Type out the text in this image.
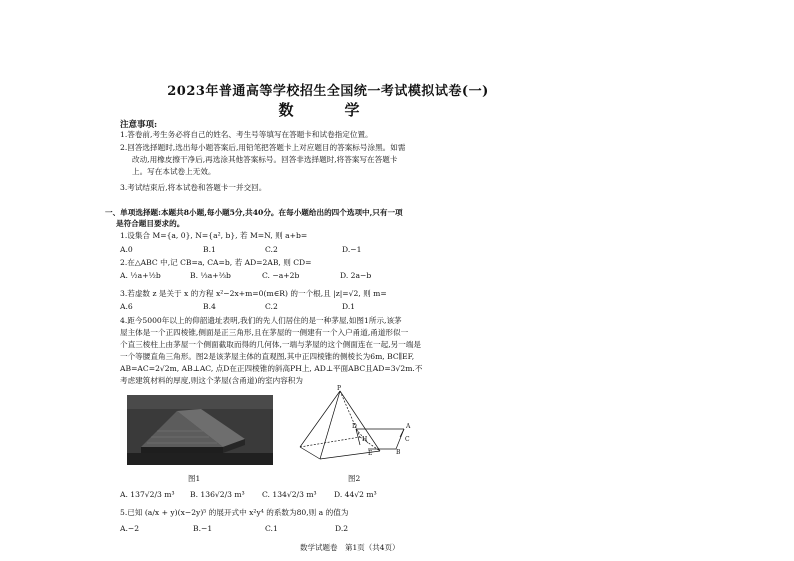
2023年普通高等学校招生全国统一考试模拟试卷(一)
数　学
注意事项:
1.答卷前,考生务必将自己的姓名、考生号等填写在答题卡和试卷指定位置。
2.回答选择题时,选出每小题答案后,用铅笔把答题卡上对应题目的答案标号涂黑。如需
改动,用橡皮擦干净后,再选涂其他答案标号。回答非选择题时,将答案写在答题卡
上。写在本试卷上无效。
3.考试结束后,将本试卷和答题卡一并交回。
一、单项选择题:本题共8小题,每小题5分,共40分。在每小题给出的四个选项中,只有一项
是符合题目要求的。
1.设集合 M={a, 0}, N={a², b}, 若 M=N, 则 a+b=
A.0	B.1	C.2	D.−1
2.在△ABC 中,记 CB=a, CA=b, 若 AD=2AB, 则 CD=
A. ½a+½b	B. ⅓a+⅔b	C. −a+2b	D. 2a−b
3.若虚数 z 是关于 x 的方程 x²−2x+m=0(m∈R) 的一个根,且 |z|=√2, 则 m=
A.6	B.4	C.2	D.1
4.距今5000年以上的仰韶遗址表明,我们的先人们居住的是一种茅屋,如图1所示,该茅
屋主体是一个正四棱锥,侧面是正三角形,且在茅屋的一侧建有一个入户甬道,甬道形似一
个直三棱柱上由茅屋一个侧面截取而得的几何体,一端与茅屋的这个侧面连在一起,另一端是
一个等腰直角三角形。图2是该茅屋主体的直观图,其中正四棱锥的侧棱长为6m, BC∥EF,
AB=AC=2√2m, AB⊥AC, 点D在正四棱锥的斜高PH上, AD⊥平面ABC且AD=3√2m.不
考虑建筑材料的厚度,则这个茅屋(含甬道)的室内容积为
图1
P
D
H
A
B
C
E
图2
A. 137√2/3 m³ B. 136√2/3 m³ C. 134√2/3 m³ D. 44√2 m³
5.已知 (a/x + y)(x−2y)⁵ 的展开式中 x²y⁴ 的系数为80,则 a 的值为
A.−2	B.−1	C.1	D.2
数学试题卷　第1页（共4页）
